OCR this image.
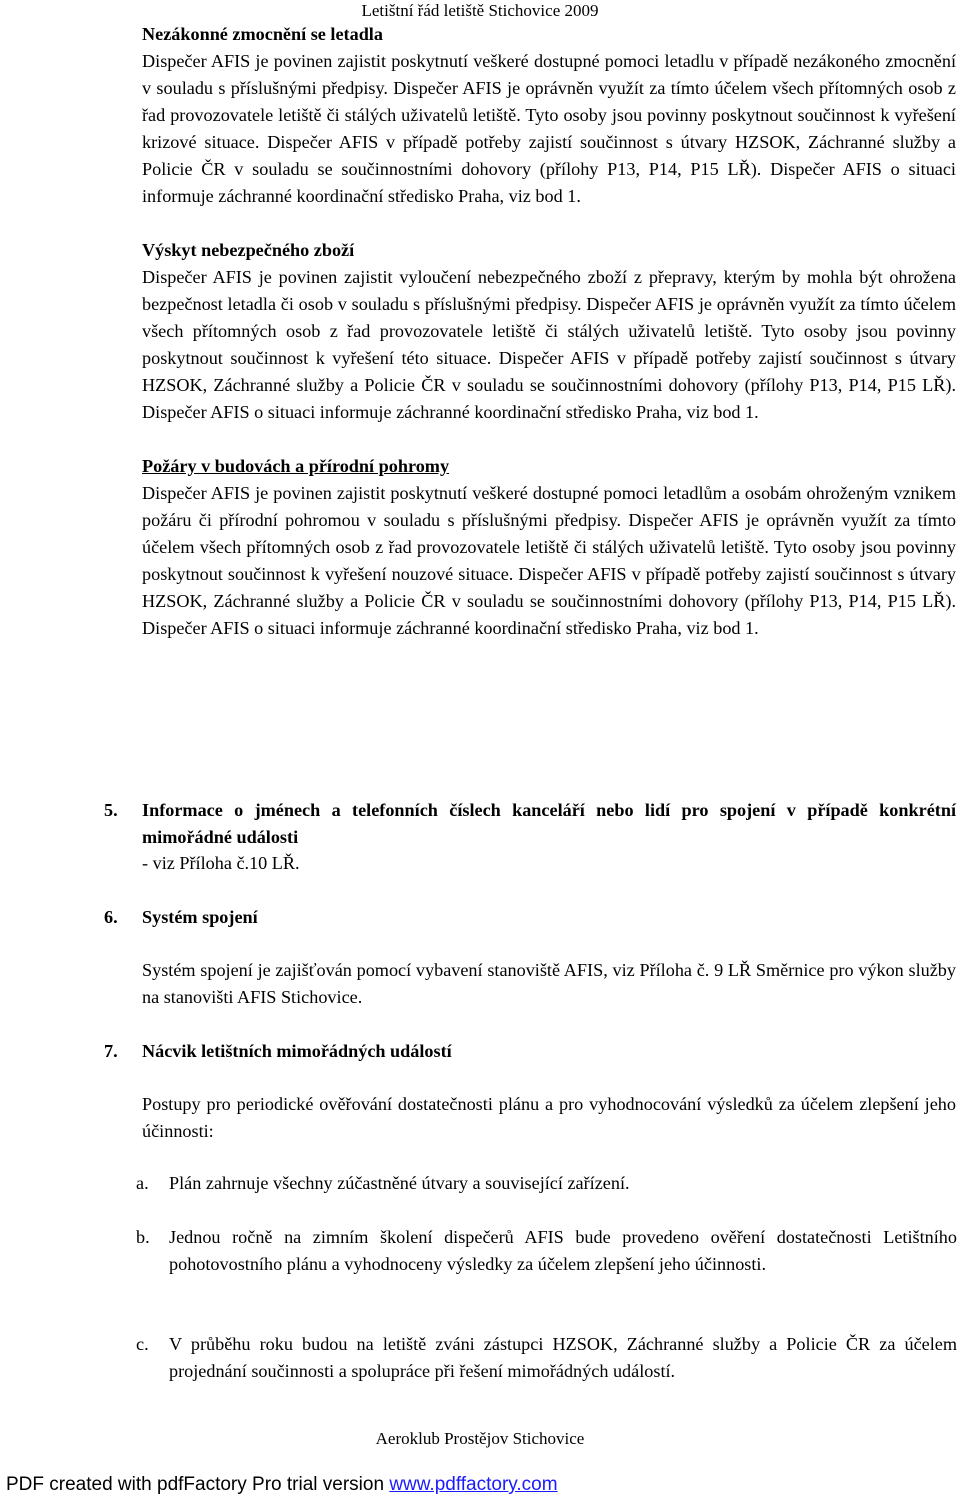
Letištní řád letiště Stichovice 2009
Nezákonné zmocnění se letadla

Dispečer AFIS je povinen zajistit poskytnutí veškeré dostupné pomoci letadlu v případě nezákoného zmocnění v souladu s příslušnými předpisy. Dispečer AFIS je oprávněn využít za tímto účelem všech přítomných osob z řad provozovatele letiště či stálých uživatelů letiště. Tyto osoby jsou povinny poskytnout součinnost k vyřešení krizové situace. Dispečer AFIS v případě potřeby zajistí součinnost s útvary HZSOK, Záchranné služby a Policie ČR v souladu se součinnostními dohovory (přílohy P13, P14, P15 LŘ). Dispečer AFIS o situaci informuje záchranné koordinační středisko Praha, viz bod 1.

Výskyt nebezpečného zboží

Dispečer AFIS je povinen zajistit vyloučení nebezpečného zboží z přepravy, kterým by mohla být ohrožena bezpečnost letadla či osob v souladu s příslušnými předpisy. Dispečer AFIS je oprávněn využít za tímto účelem všech přítomných osob z řad provozovatele letiště či stálých uživatelů letiště. Tyto osoby jsou povinny poskytnout součinnost k vyřešení této situace. Dispečer AFIS v případě potřeby zajistí součinnost s útvary HZSOK, Záchranné služby a Policie ČR v souladu se součinnostními dohovory (přílohy P13, P14, P15 LŘ). Dispečer AFIS o situaci informuje záchranné koordinační středisko Praha, viz bod 1.

Požáry v budovách a přírodní pohromy

Dispečer AFIS je povinen zajistit poskytnutí veškeré dostupné pomoci letadlům a osobám ohroženým vznikem požáru či přírodní pohromou v souladu s příslušnými předpisy. Dispečer AFIS je oprávněn využít za tímto účelem všech přítomných osob z řad provozovatele letiště či stálých uživatelů letiště. Tyto osoby jsou povinny poskytnout součinnost k vyřešení nouzové situace. Dispečer AFIS v případě potřeby zajistí součinnost s útvary HZSOK, Záchranné služby a Policie ČR v souladu se součinnostními dohovory (přílohy P13, P14, P15 LŘ). Dispečer AFIS o situaci informuje záchranné koordinační středisko Praha, viz bod 1.

5. Informace o jménech a telefonních číslech kanceláří nebo lidí pro spojení v případě konkrétní mimořádné události
- viz Příloha č.10 LŘ.
6. Systém spojení
Systém spojení je zajišťován pomocí vybavení stanoviště AFIS, viz Příloha č. 9 LŘ Směrnice pro výkon služby na stanovišti AFIS Stichovice.
7. Nácvik letištních mimořádných událostí
Postupy pro periodické ověřování dostatečnosti plánu a pro vyhodnocování výsledků za účelem zlepšení jeho účinnosti:
a. Plán zahrnuje všechny zúčastněné útvary a související zařízení.
b. Jednou ročně na zimním školení dispečerů AFIS bude provedeno ověření dostatečnosti Letištního pohotovostního plánu a vyhodnoceny výsledky za účelem zlepšení jeho účinnosti.
c. V průběhu roku budou na letiště zváni zástupci HZSOK, Záchranné služby a Policie ČR za účelem projednání součinnosti a spolupráce při řešení mimořádných událostí.
Aeroklub Prostějov Stichovice
PDF created with pdfFactory Pro trial version www.pdffactory.com
